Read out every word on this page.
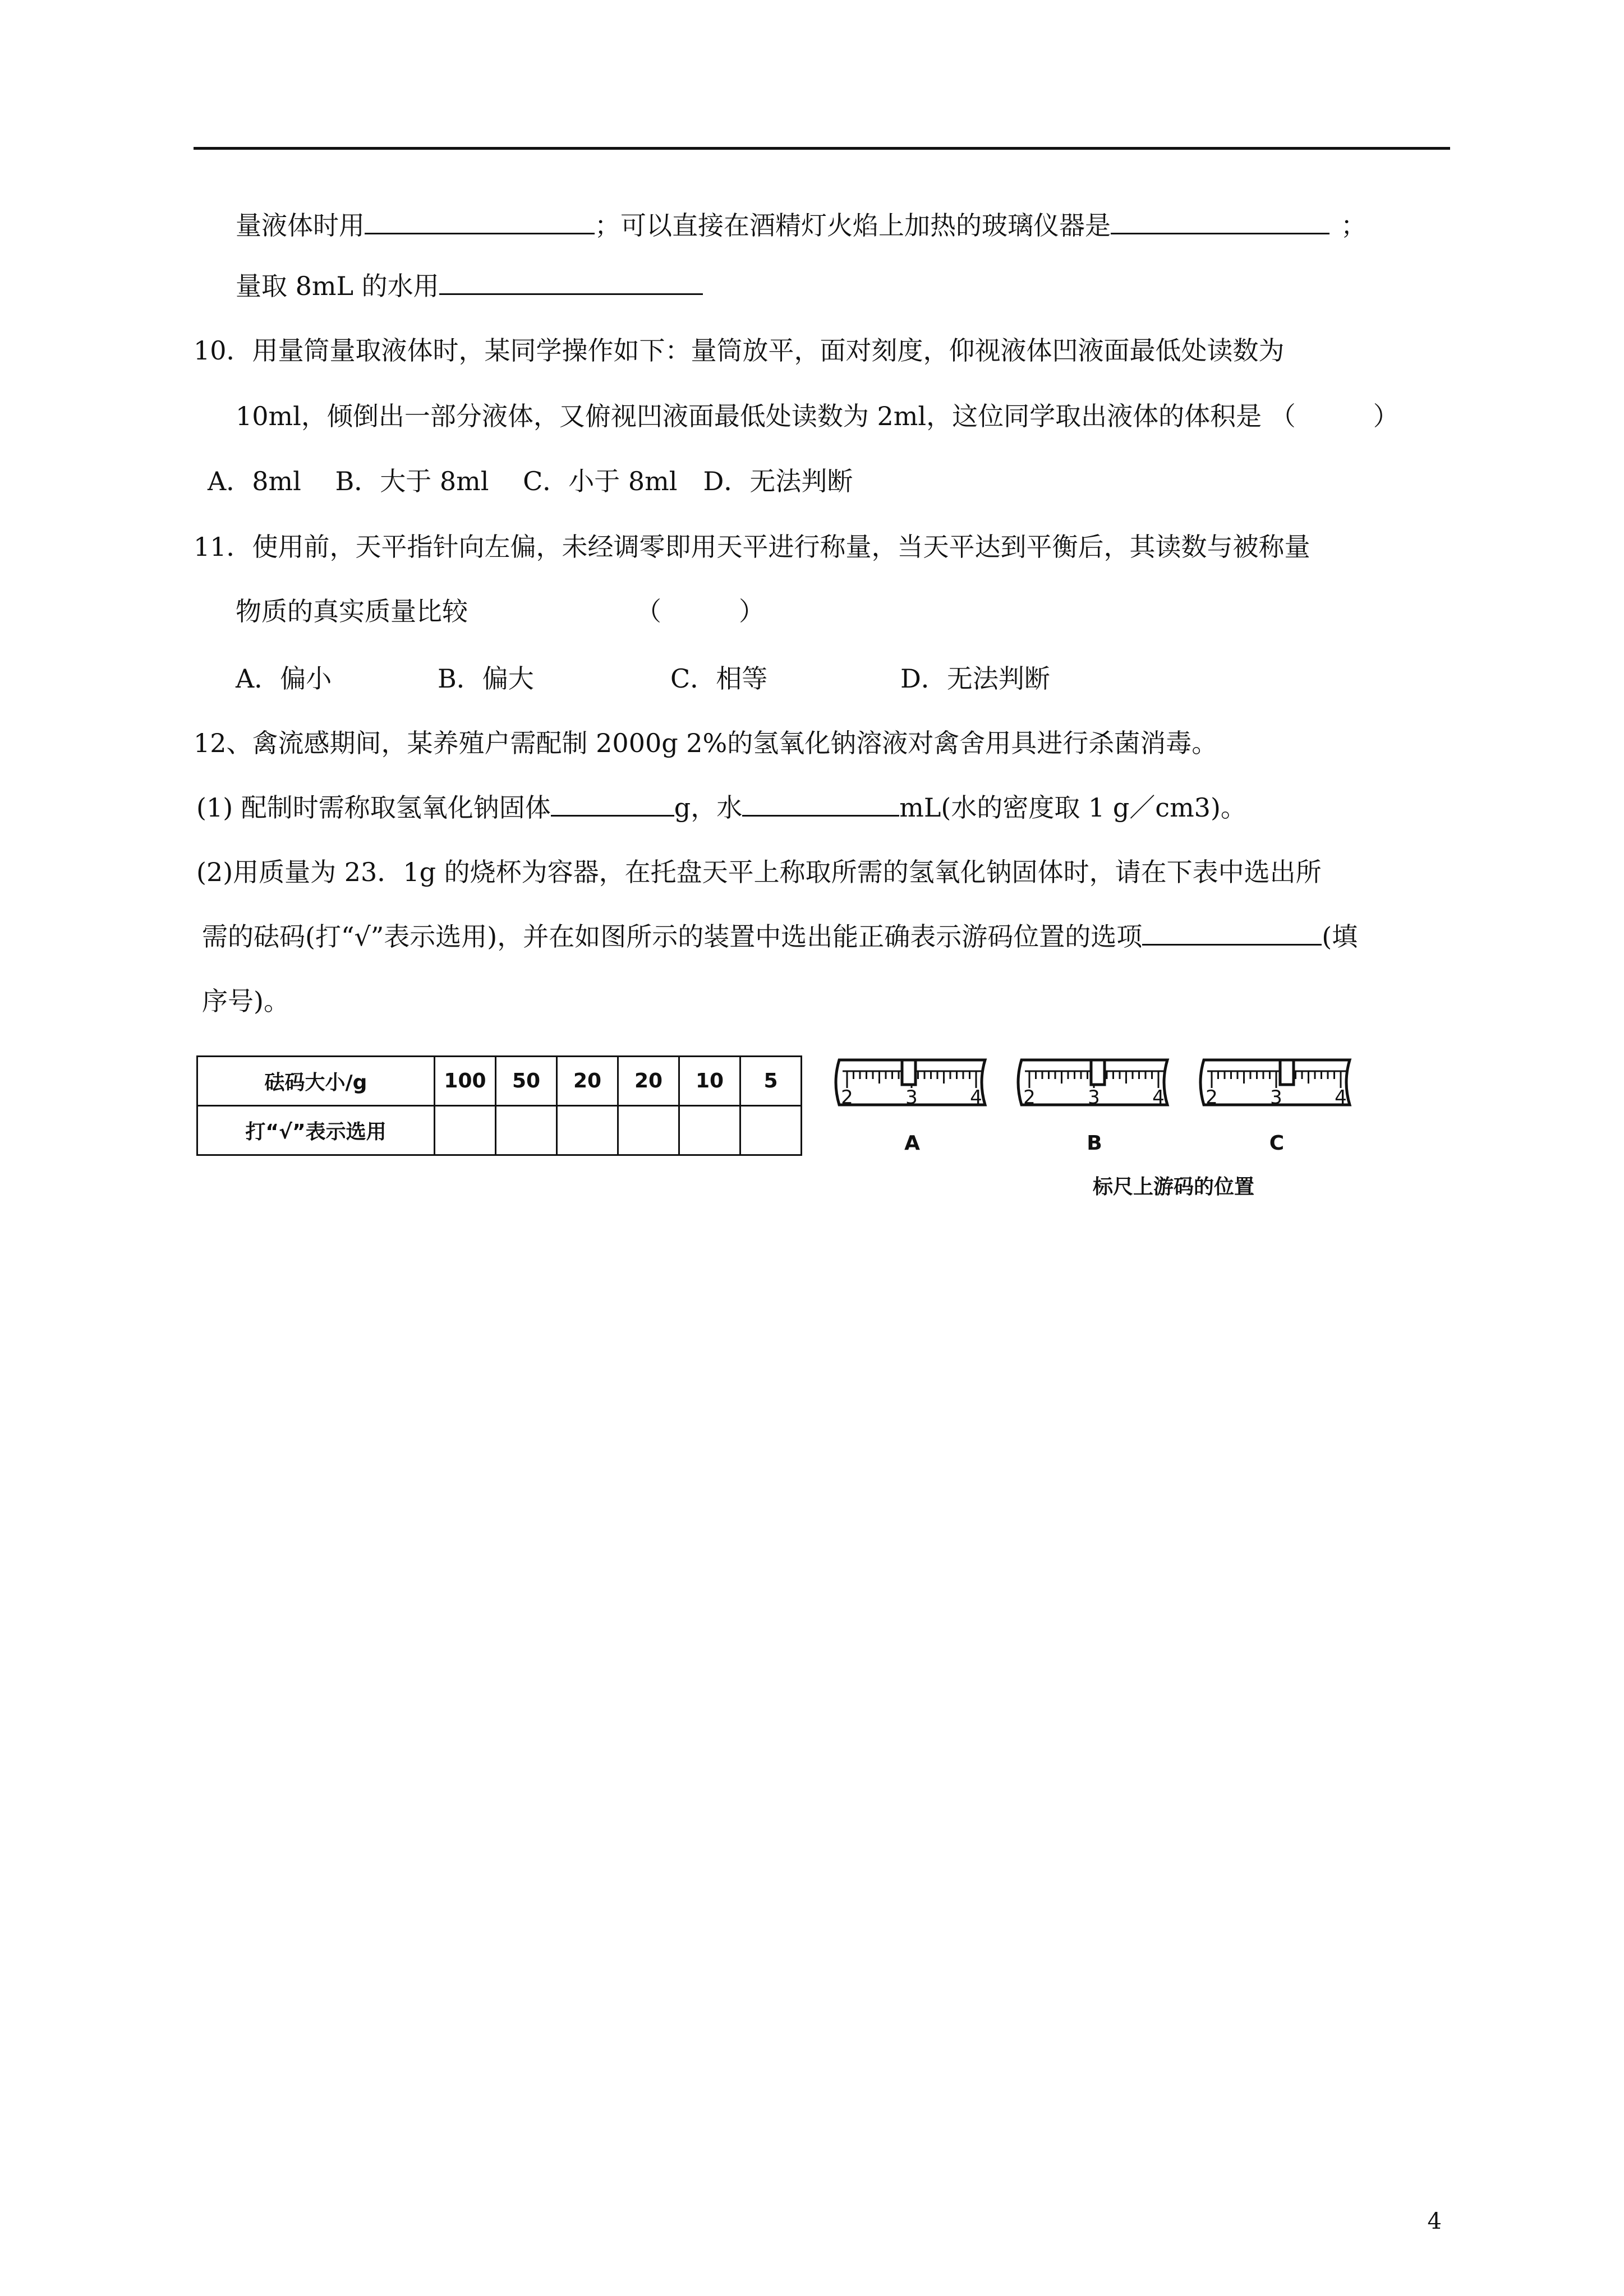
量液体时用	；可以直接在酒精灯火焰上加热的玻璃仪器是	；
量取 8mL 的水用
10．用量筒量取液体时，某同学操作如下：量筒放平，面对刻度，仰视液体凹液面最低处读数为
10ml，倾倒出一部分液体，又俯视凹液面最低处读数为 2ml，这位同学取出液体的体积是 （　　　）
A．8ml　 B．大于 8ml　 C．小于 8ml　D．无法判断
11．使用前，天平指针向左偏，未经调零即用天平进行称量，当天平达到平衡后，其读数与被称量
物质的真实质量比较　　　　　　　（　　　）
A．偏小	B．偏大	C．相等	D．无法判断
12、禽流感期间，某养殖户需配制 2000g 2%的氢氧化钠溶液对禽舍用具进行杀菌消毒。
(1) 配制时需称取氢氧化钠固体	g，水	mL(水的密度取 1 g／cm3)。
(2)用质量为 23．1g 的烧杯为容器，在托盘天平上称取所需的氢氧化钠固体时，请在下表中选出所
需的砝码(打“√”表示选用)，并在如图所示的装置中选出能正确表示游码位置的选项	(填
序号)。
砝码大小/g	100	50	20	20	10	5
打“√”表示选用						
2	3	4
A
2	3	4
B
2	3	4
C
标尺上游码的位置
4
